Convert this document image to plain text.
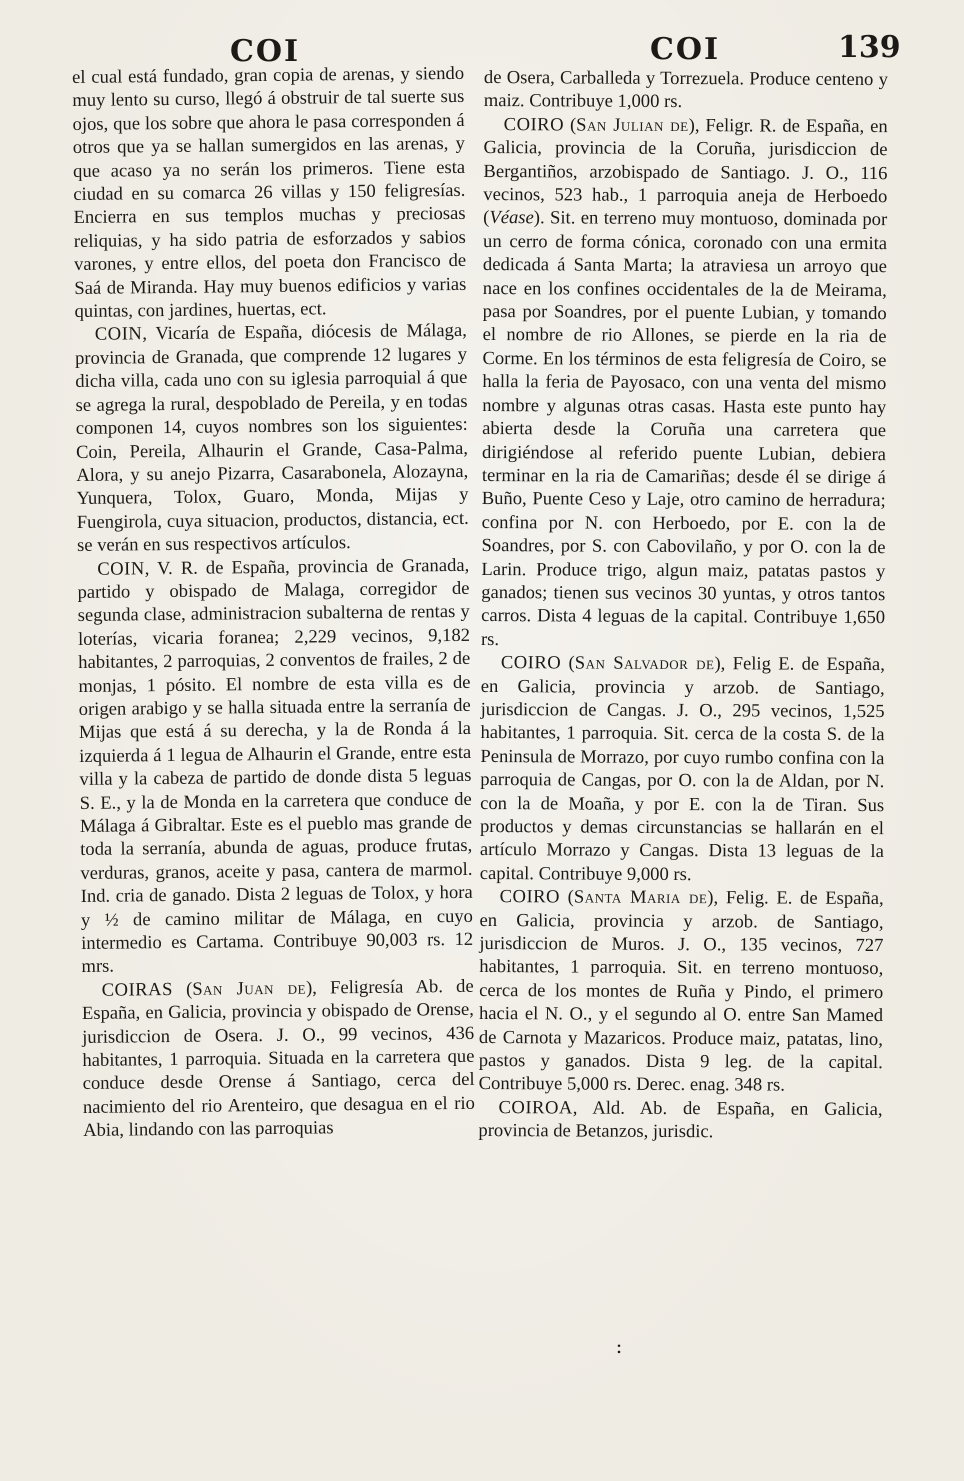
COI	COI	139

el cual está fundado, gran copia de arenas, y siendo muy lento su curso, llegó á obstruir de tal suerte sus ojos, que los sobre que ahora le pasa corresponden á otros que ya se hallan sumergidos en las arenas, y que acaso ya no serán los primeros. Tiene esta ciudad en su comarca 26 villas y 150 feligresías. Encierra en sus templos muchas y preciosas reliquias, y ha sido patria de esforzados y sabios varones, y entre ellos, del poeta don Francisco de Saá de Miranda. Hay muy buenos edificios y varias quintas, con jardines, huertas, ect.

COIN, Vicaría de España, diócesis de Málaga, provincia de Granada, que comprende 12 lugares y dicha villa, cada uno con su iglesia parroquial á que se agrega la rural, despoblado de Pereila, y en todas componen 14, cuyos nombres son los siguientes: Coin, Pereila, Alhaurin el Grande, Casa-Palma, Alora, y su anejo Pizarra, Casarabonela, Alozayna, Yunquera, Tolox, Guaro, Monda, Mijas y Fuengirola, cuya situacion, productos, distancia, ect. se verán en sus respectivos artículos.

COIN, V. R. de España, provincia de Granada, partido y obispado de Malaga, corregidor de segunda clase, administracion subalterna de rentas y loterías, vicaria foranea; 2,229 vecinos, 9,182 habitantes, 2 parroquias, 2 conventos de frailes, 2 de monjas, 1 pósito. El nombre de esta villa es de origen arabigo y se halla situada entre la serranía de Mijas que está á su derecha, y la de Ronda á la izquierda á 1 legua de Alhaurin el Grande, entre esta villa y la cabeza de partido de donde dista 5 leguas S. E., y la de Monda en la carretera que conduce de Málaga á Gibraltar. Este es el pueblo mas grande de toda la serranía, abunda de aguas, produce frutas, verduras, granos, aceite y pasa, cantera de marmol. Ind. cria de ganado. Dista 2 leguas de Tolox, y hora y ½ de camino militar de Málaga, en cuyo intermedio es Cartama. Contribuye 90,003 rs. 12 mrs.

COIRAS (San Juan de), Feligresía Ab. de España, en Galicia, provincia y obispado de Orense, jurisdiccion de Osera. J. O., 99 vecinos, 436 habitantes, 1 parroquia. Situada en la carretera que conduce desde Orense á Santiago, cerca del nacimiento del rio Arenteiro, que desagua en el rio Abia, lindando con las parroquias

de Osera, Carballeda y Torrezuela. Produce centeno y maiz. Contribuye 1,000 rs.

COIRO (San Julian de), Feligr. R. de España, en Galicia, provincia de la Coruña, jurisdiccion de Bergantiños, arzobispado de Santiago. J. O., 116 vecinos, 523 hab., 1 parroquia aneja de Herboedo (Véase). Sit. en terreno muy montuoso, dominada por un cerro de forma cónica, coronado con una ermita dedicada á Santa Marta; la atraviesa un arroyo que nace en los confines occidentales de la de Meirama, pasa por Soandres, por el puente Lubian, y tomando el nombre de rio Allones, se pierde en la ria de Corme. En los términos de esta feligresía de Coiro, se halla la feria de Payosaco, con una venta del mismo nombre y algunas otras casas. Hasta este punto hay abierta desde la Coruña una carretera que dirigiéndose al referido puente Lubian, debiera terminar en la ria de Camariñas; desde él se dirige á Buño, Puente Ceso y Laje, otro camino de herradura; confina por N. con Herboedo, por E. con la de Soandres, por S. con Cabovilaño, y por O. con la de Larin. Produce trigo, algun maiz, patatas pastos y ganados; tienen sus vecinos 30 yuntas, y otros tantos carros. Dista 4 leguas de la capital. Contribuye 1,650 rs.

COIRO (San Salvador de), Felig E. de España, en Galicia, provincia y arzob. de Santiago, jurisdiccion de Cangas. J. O., 295 vecinos, 1,525 habitantes, 1 parroquia. Sit. cerca de la costa S. de la Peninsula de Morrazo, por cuyo rumbo confina con la parroquia de Cangas, por O. con la de Aldan, por N. con la de Moaña, y por E. con la de Tiran. Sus productos y demas circunstancias se hallarán en el artículo Morrazo y Cangas. Dista 13 leguas de la capital. Contribuye 9,000 rs.

COIRO (Santa Maria de), Felig. E. de España, en Galicia, provincia y arzob. de Santiago, jurisdiccion de Muros. J. O., 135 vecinos, 727 habitantes, 1 parroquia. Sit. en terreno montuoso, cerca de los montes de Ruña y Pindo, el primero hacia el N. O., y el segundo al O. entre San Mamed de Carnota y Mazaricos. Produce maiz, patatas, lino, pastos y ganados. Dista 9 leg. de la capital. Contribuye 5,000 rs. Derec. enag. 348 rs.

COIROA, Ald. Ab. de España, en Galicia, provincia de Betanzos, jurisdic.

:
